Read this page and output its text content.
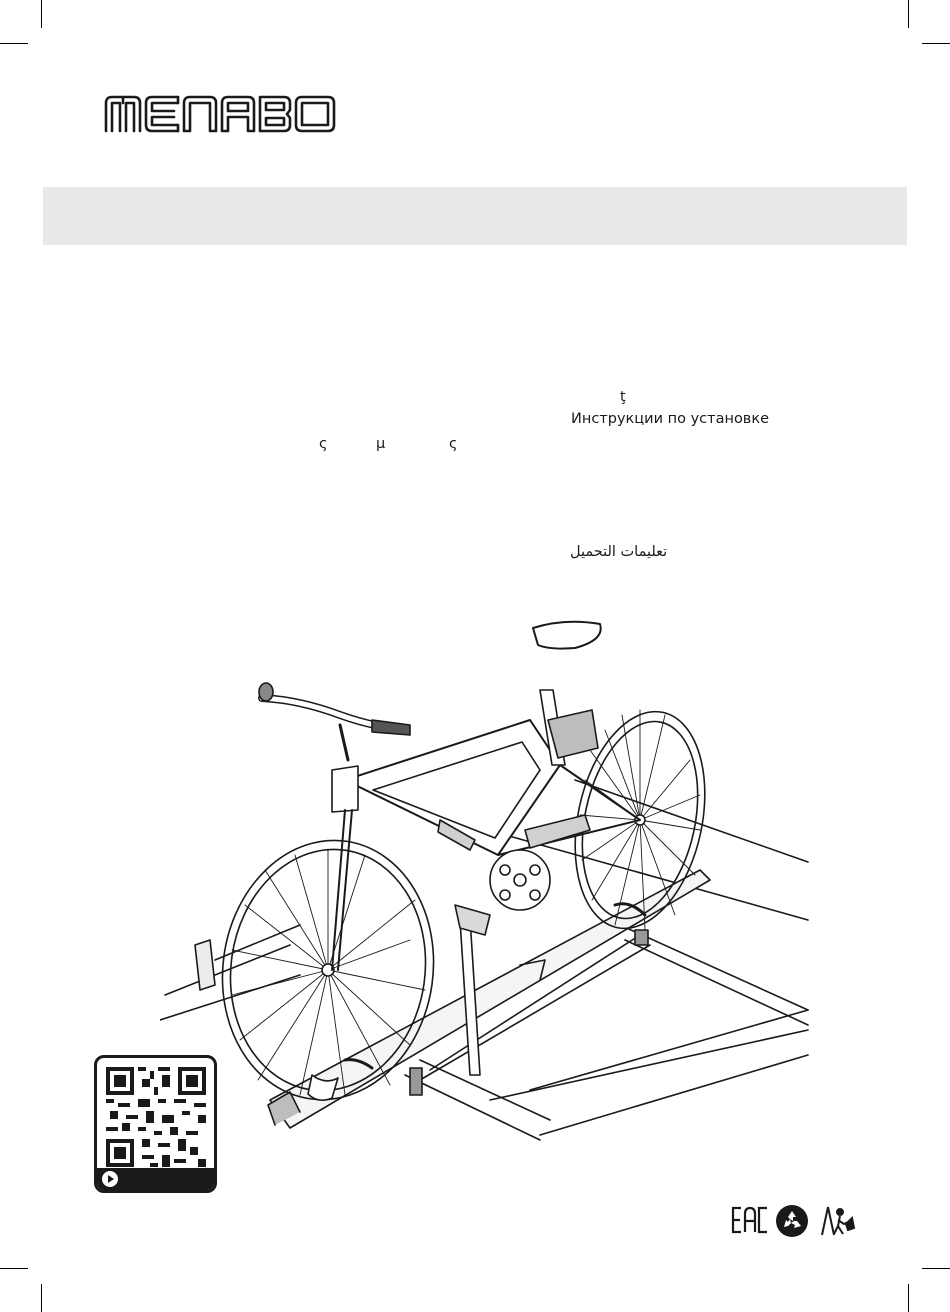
ţ
Инструкции по установке
ς	μ	ς
تعليمات التحميل
